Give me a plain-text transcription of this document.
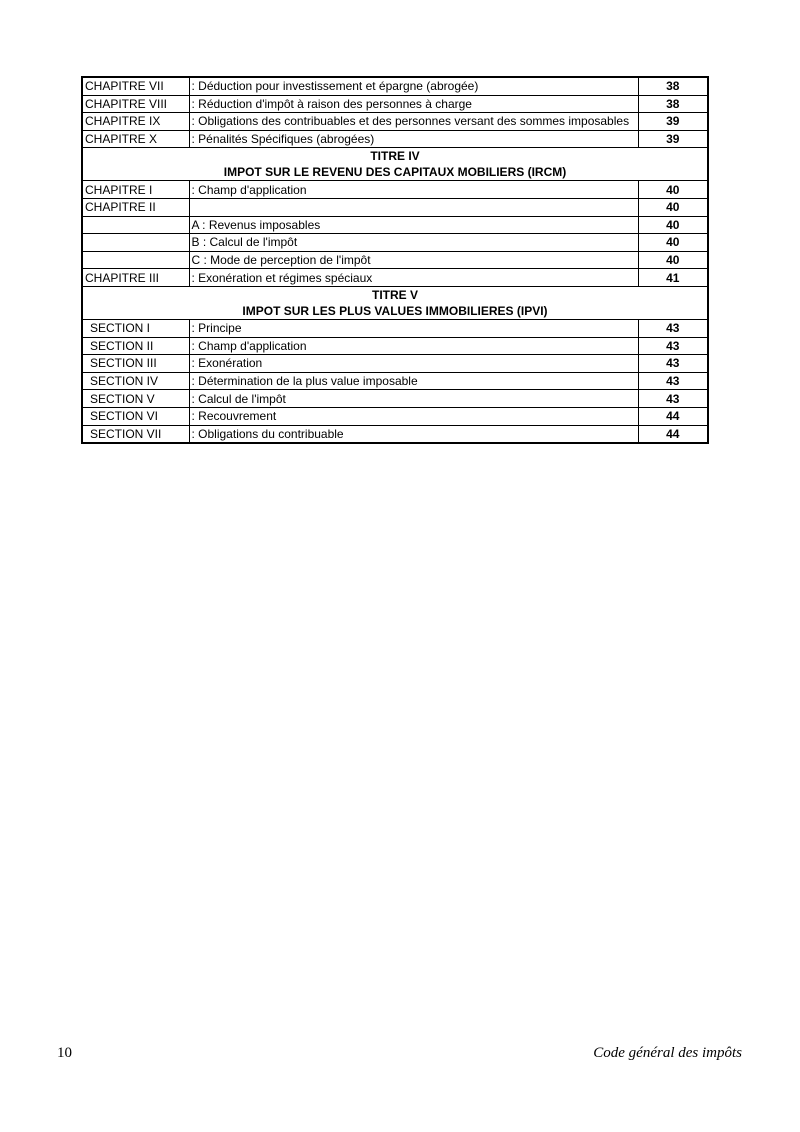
CHAPITRE VII	: Déduction pour investissement et épargne (abrogée)	38
CHAPITRE VIII	: Réduction d'impôt à raison des personnes à charge	38
CHAPITRE IX	: Obligations des contribuables et des personnes versant des sommes imposables	39
CHAPITRE X	: Pénalités Spécifiques (abrogées)	39

TITRE IV
IMPOT SUR LE REVENU DES CAPITAUX MOBILIERS (IRCM)		

CHAPITRE I	: Champ d'application	40
CHAPITRE II		40
	A : Revenus imposables	40
	B : Calcul de l'impôt	40
	C : Mode de perception de l'impôt	40
CHAPITRE III	: Exonération et régimes spéciaux	41

TITRE V
IMPOT SUR LES PLUS VALUES IMMOBILIERES (IPVI)		

SECTION I	: Principe	43
SECTION II	: Champ d'application	43
SECTION III	: Exonération	43
SECTION IV	: Détermination de la plus value imposable	43
SECTION V	: Calcul de l'impôt	43
SECTION VI	: Recouvrement	44
SECTION VII	: Obligations du contribuable	44
10	Code général des impôts
